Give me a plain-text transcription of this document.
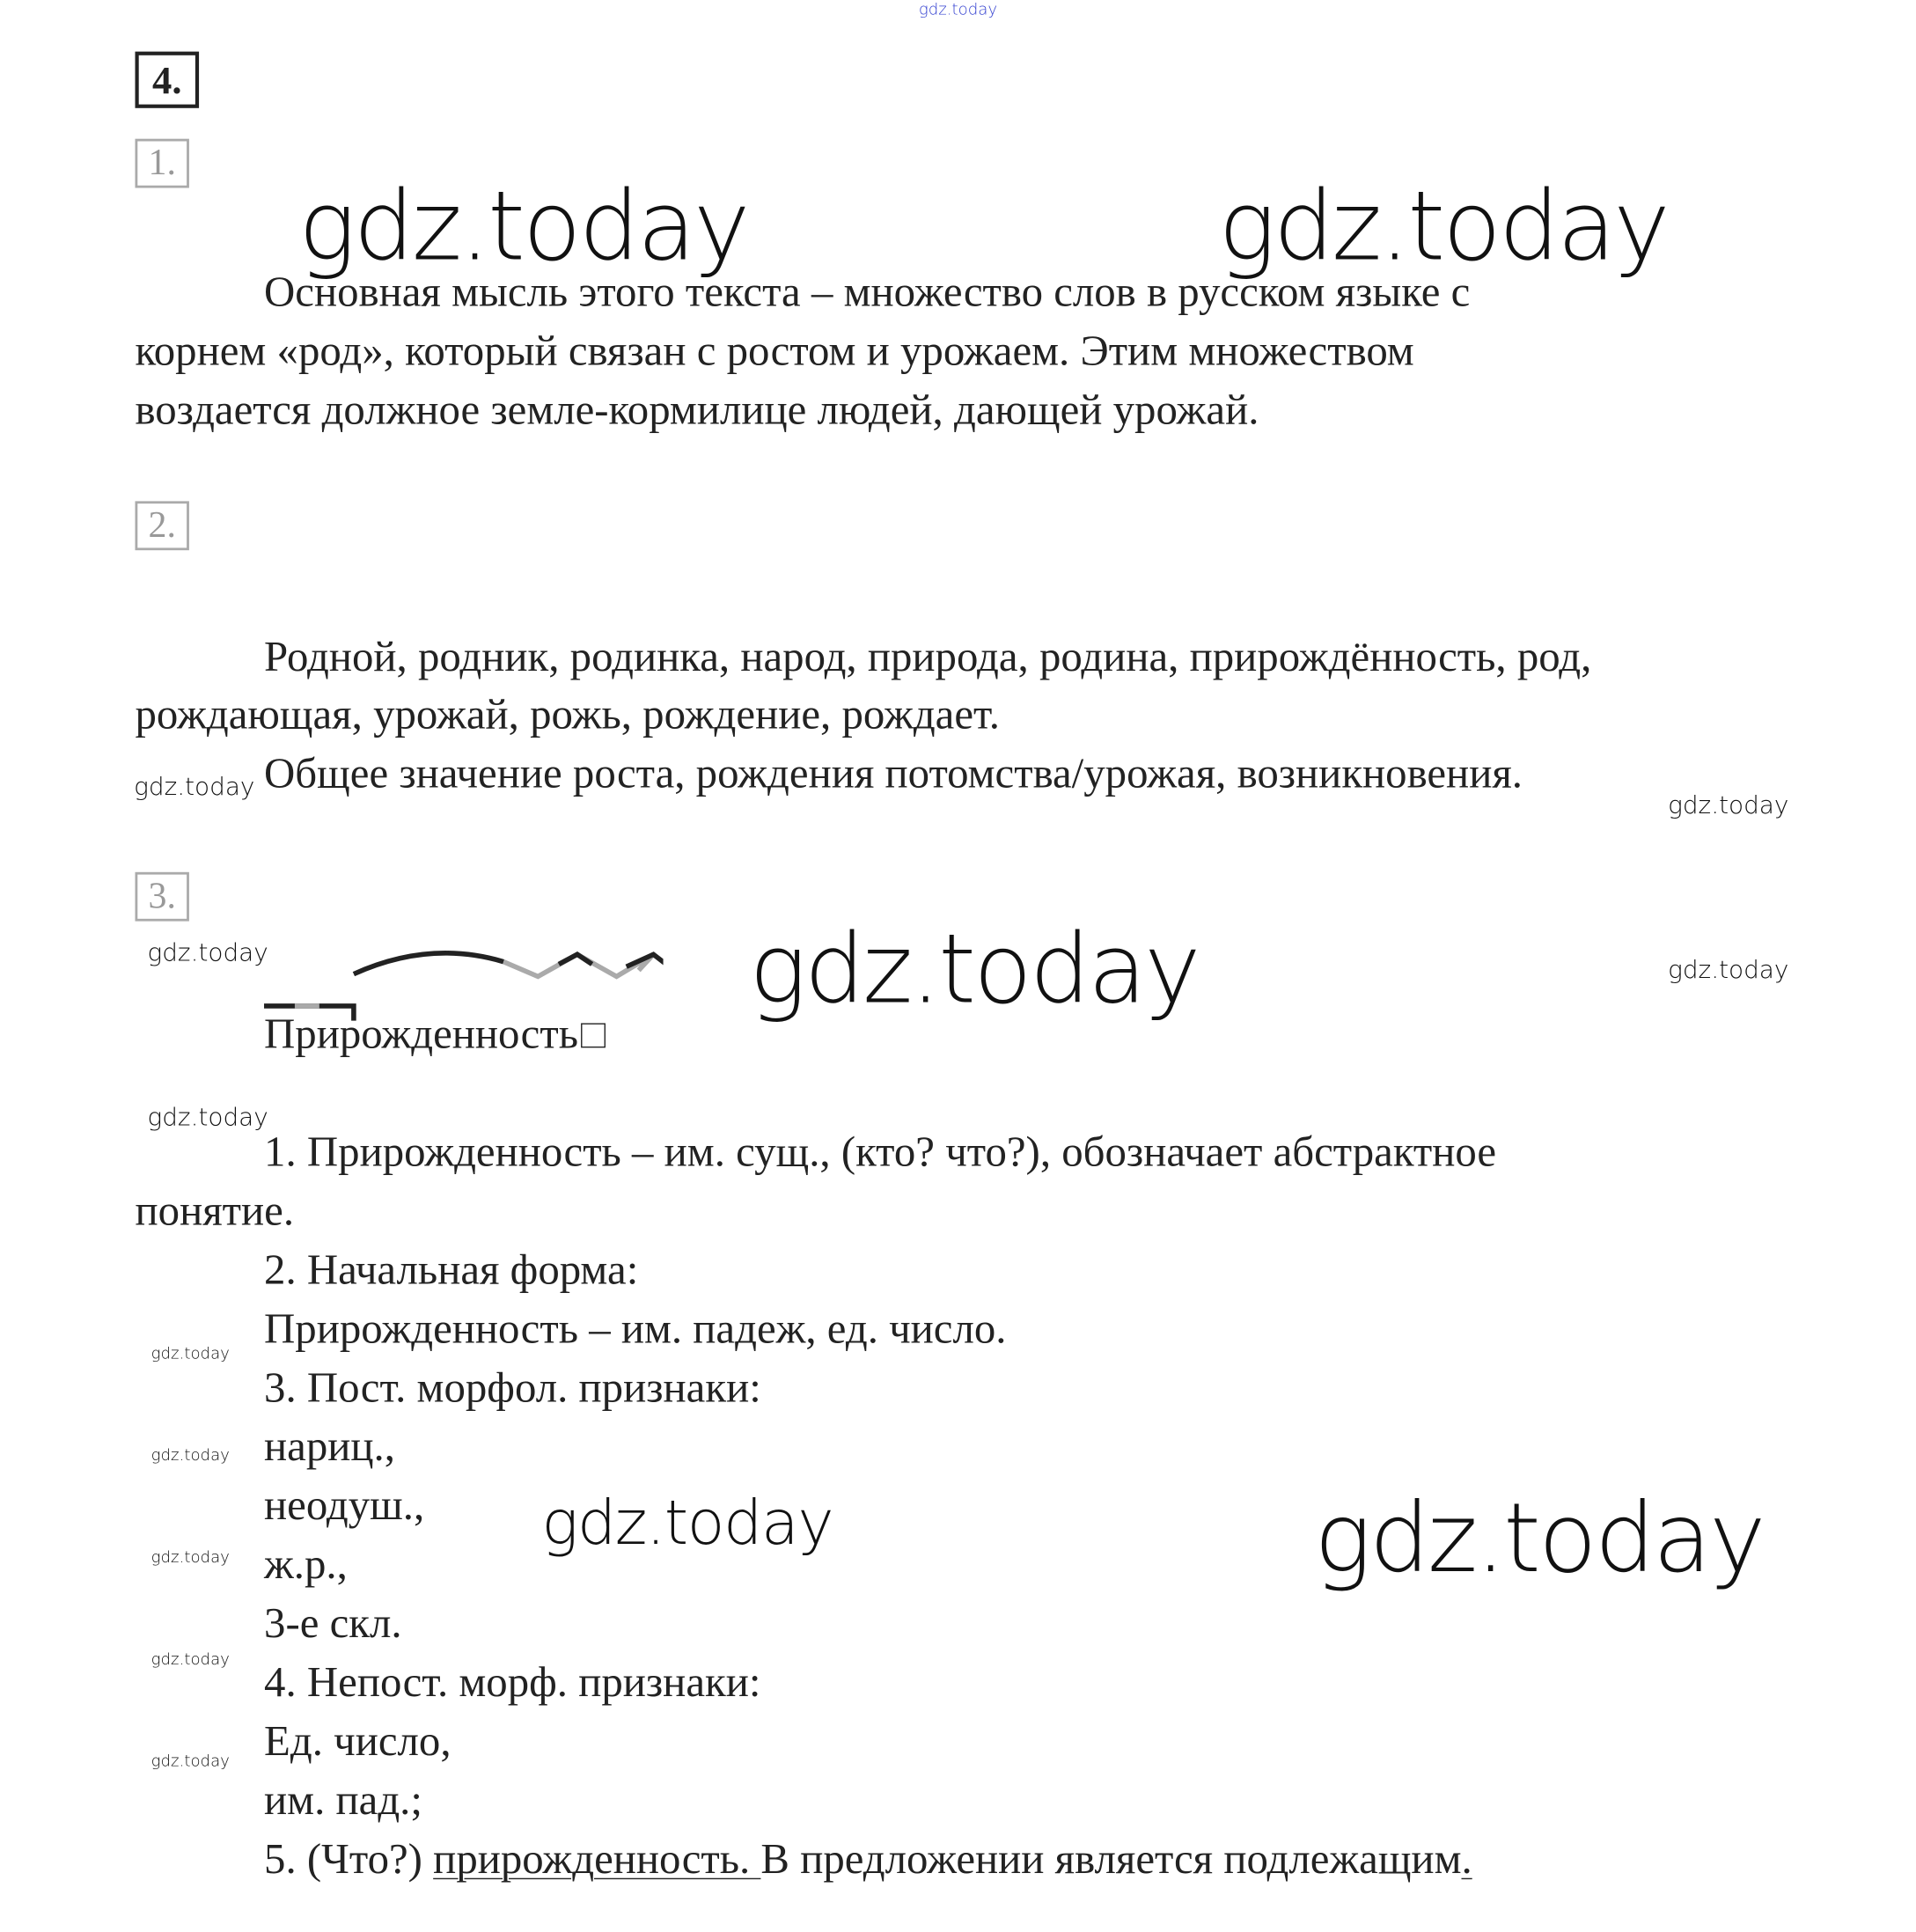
gdz.today
4.
1.
gdz.today	gdz.today
Основная мысль этого текста – множество слов в русском языке с
корнем «род», который связан с ростом и урожаем. Этим множеством
воздается должное земле-кормилице людей, дающей урожай.
2.
Родной, родник, родинка, народ, природа, родина, прирождённость, род,
рождающая, урожай, рожь, рождение, рождает.
gdz.today Общее значение роста, рождения потомства/урожая, возникновения.
gdz.today
3.
gdz.today	gdz.today	gdz.today
Прирожденность
gdz.today
1. Прирожденность – им. сущ., (кто? что?), обозначает абстрактное
понятие.
2. Начальная форма:
Прирожденность – им. падеж, ед. число.
3. Пост. морфол. признаки:
нариц.,
неодуш.,
ж.р.,
3-е скл.
4. Непост. морф. признаки:
Ед. число,
им. пад.;
5. (Что?) прирожденность. В предложении является подлежащим.
gdz.today
gdz.today
gdz.today
gdz.today
gdz.today
gdz.today	gdz.today
